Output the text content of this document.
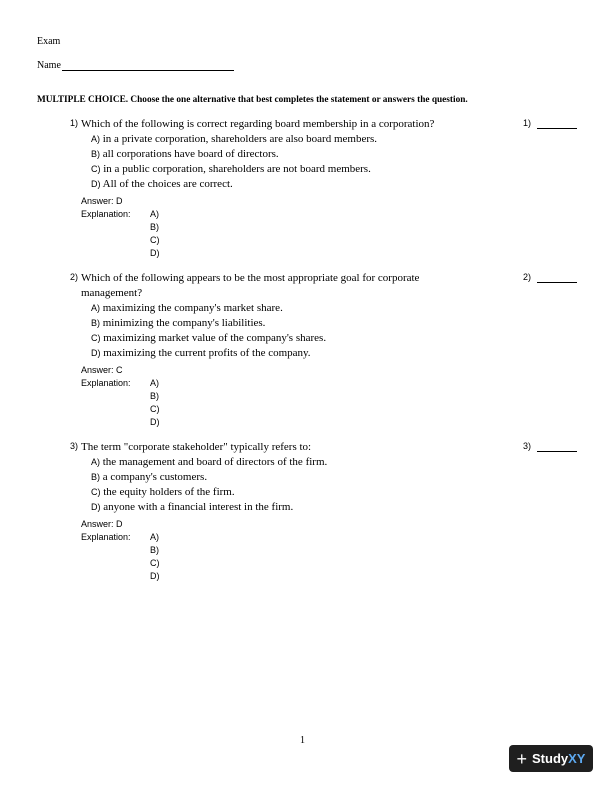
Exam
Name
MULTIPLE CHOICE. Choose the one alternative that best completes the statement or answers the question.
1) Which of the following is correct regarding board membership in a corporation?	1)
A) in a private corporation, shareholders are also board members.
B) all corporations have board of directors.
C) in a public corporation, shareholders are not board members.
D) All of the choices are correct.
Answer: D
Explanation: A)
B)
C)
D)
2) Which of the following appears to be the most appropriate goal for corporate management?
2)
A) maximizing the company's market share.
B) minimizing the company's liabilities.
C) maximizing market value of the company's shares.
D) maximizing the current profits of the company.
Answer: C
Explanation: A)
B)
C)
D)
3) The term "corporate stakeholder" typically refers to:	3)
A) the management and board of directors of the firm.
B) a company's customers.
C) the equity holders of the firm.
D) anyone with a financial interest in the firm.
Answer: D
Explanation: A)
B)
C)
D)
1
+ Study XY
